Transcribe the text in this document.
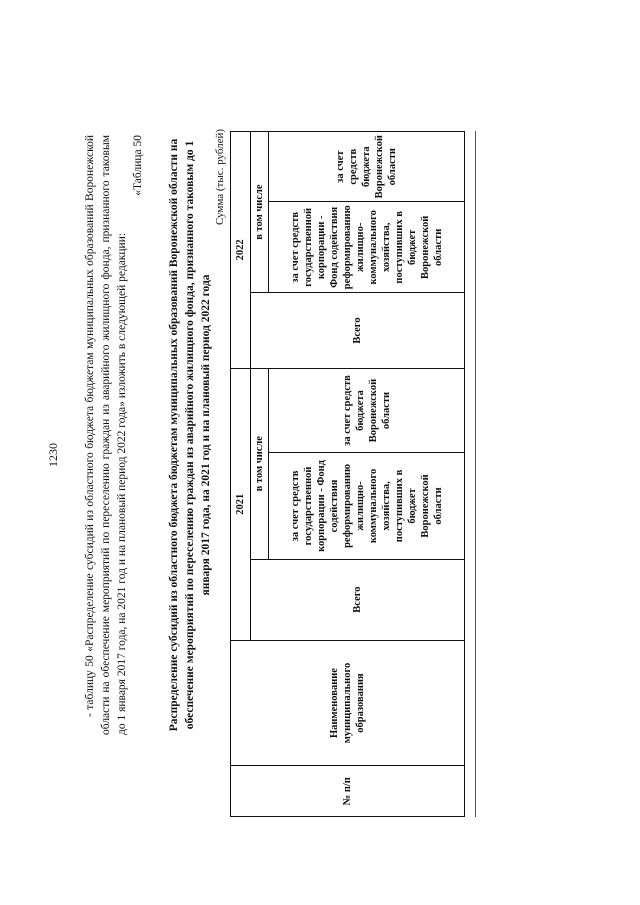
1230 - таблицу 50 «Распределение субсидий из областного бюджета бюджетам муниципальных образований Воронежской области на обеспечение мероприятий по переселению граждан из аварийного жилищного фонда, признанного таковым до 1 января 2017 года, на 2021 год и на плановый период 2022 года» изложить в следующей редакции:
«Таблица 50 Распределение субсидий из областного бюджета бюджетам муниципальных образований Воронежской области на обеспечение мероприятий по переселению граждан из аварийного жилищного фонда, признанного таковым до 1 января 2017 года, на 2021 год и на плановый период 2022 года
Сумма (тыс. рублей)
№ п/п	Наименование муниципального образования	2021			2022		
		Всего	в том числе		Всего	в том числе	
			за счет средств государственной корпорации - Фонд содействия реформированию жилищно-коммунального хозяйства, поступивших в бюджет Воронежской области	за счет средств бюджета Воронежской области		за счет средств государственной корпорации - Фонд содействия реформированию жилищно-коммунального хозяйства, поступивших в бюджет Воронежской области	за счет средств бюджета Воронежской области
